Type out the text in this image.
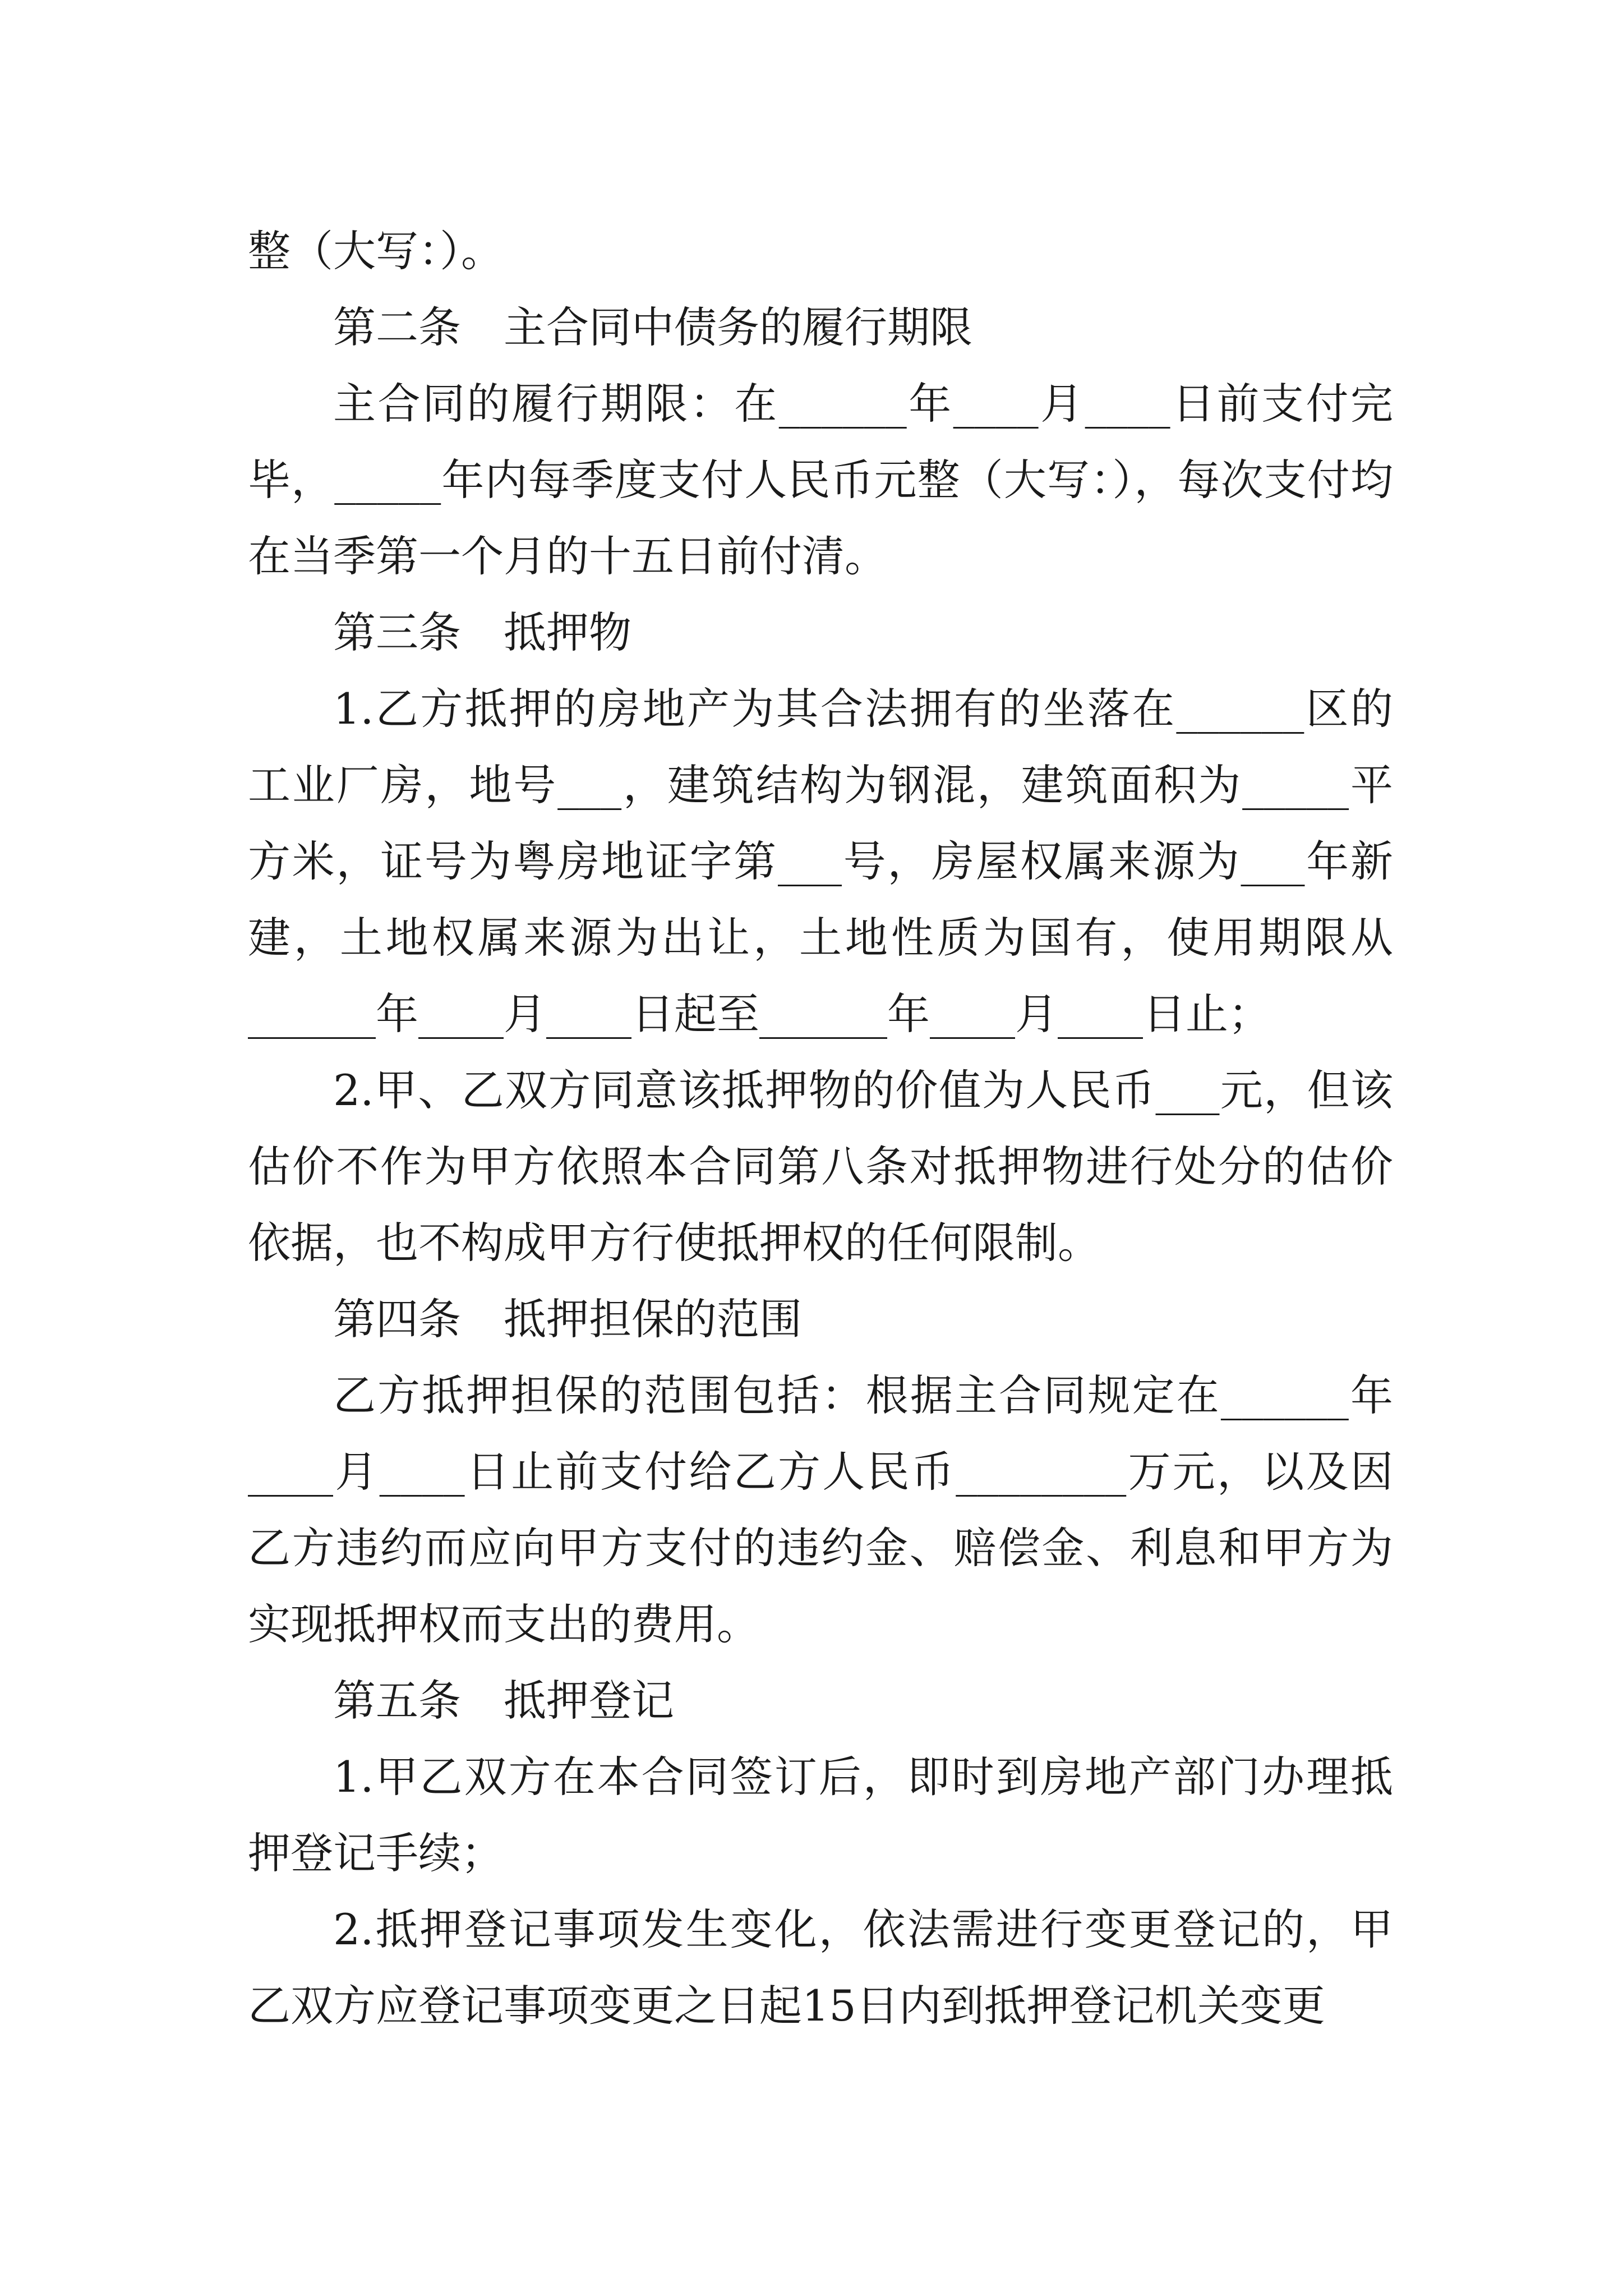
整（大写：）。

第二条　主合同中债务的履行期限

主合同的履行期限：在______年____月____日前支付完毕，_____年内每季度支付人民币元整（大写：），每次支付均在当季第一个月的十五日前付清。

第三条　抵押物

1.乙方抵押的房地产为其合法拥有的坐落在______区的工业厂房，地号___，建筑结构为钢混，建筑面积为_____平方米，证号为粤房地证字第___号，房屋权属来源为___年新建，土地权属来源为出让，土地性质为国有，使用期限从______年____月____日起至______年____月____日止；

2.甲、乙双方同意该抵押物的价值为人民币___元，但该估价不作为甲方依照本合同第八条对抵押物进行处分的估价依据，也不构成甲方行使抵押权的任何限制。

第四条　抵押担保的范围

乙方抵押担保的范围包括：根据主合同规定在______年____月____日止前支付给乙方人民币________万元，以及因乙方违约而应向甲方支付的违约金、赔偿金、利息和甲方为实现抵押权而支出的费用。

第五条　抵押登记

1.甲乙双方在本合同签订后，即时到房地产部门办理抵押登记手续；

2.抵押登记事项发生变化，依法需进行变更登记的，甲乙双方应登记事项变更之日起15日内到抵押登记机关变更
